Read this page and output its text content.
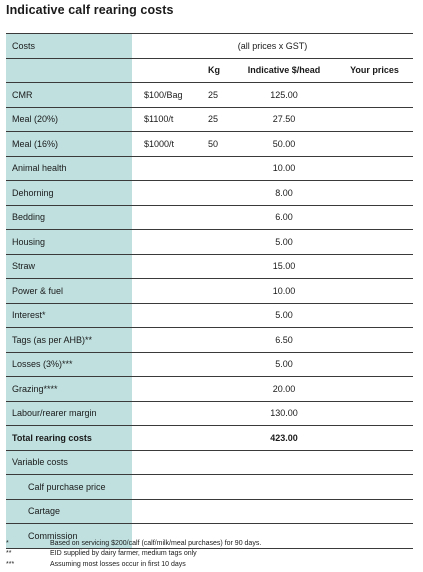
Indicative calf rearing costs
Costs	(all prices x GST)			
		Kg	Indicative $/head	Your prices
CMR	$100/Bag	25	125.00	
Meal (20%)	$1100/t	25	27.50	
Meal (16%)	$1000/t	50	50.00	
Animal health			10.00	
Dehorning			8.00	
Bedding			6.00	
Housing			5.00	
Straw			15.00	
Power & fuel			10.00	
Interest*			5.00	
Tags (as per AHB)**			6.50	
Losses (3%)***			5.00	
Grazing****			20.00	
Labour/rearer margin			130.00	
Total rearing costs			423.00	
Variable costs				
Calf purchase price				
Cartage				
Commission				
*	Based on servicing $200/calf (calf/milk/meal purchases) for 90 days.
**	EID supplied by dairy farmer, medium tags only
***	Assuming most losses occur in first 10 days
